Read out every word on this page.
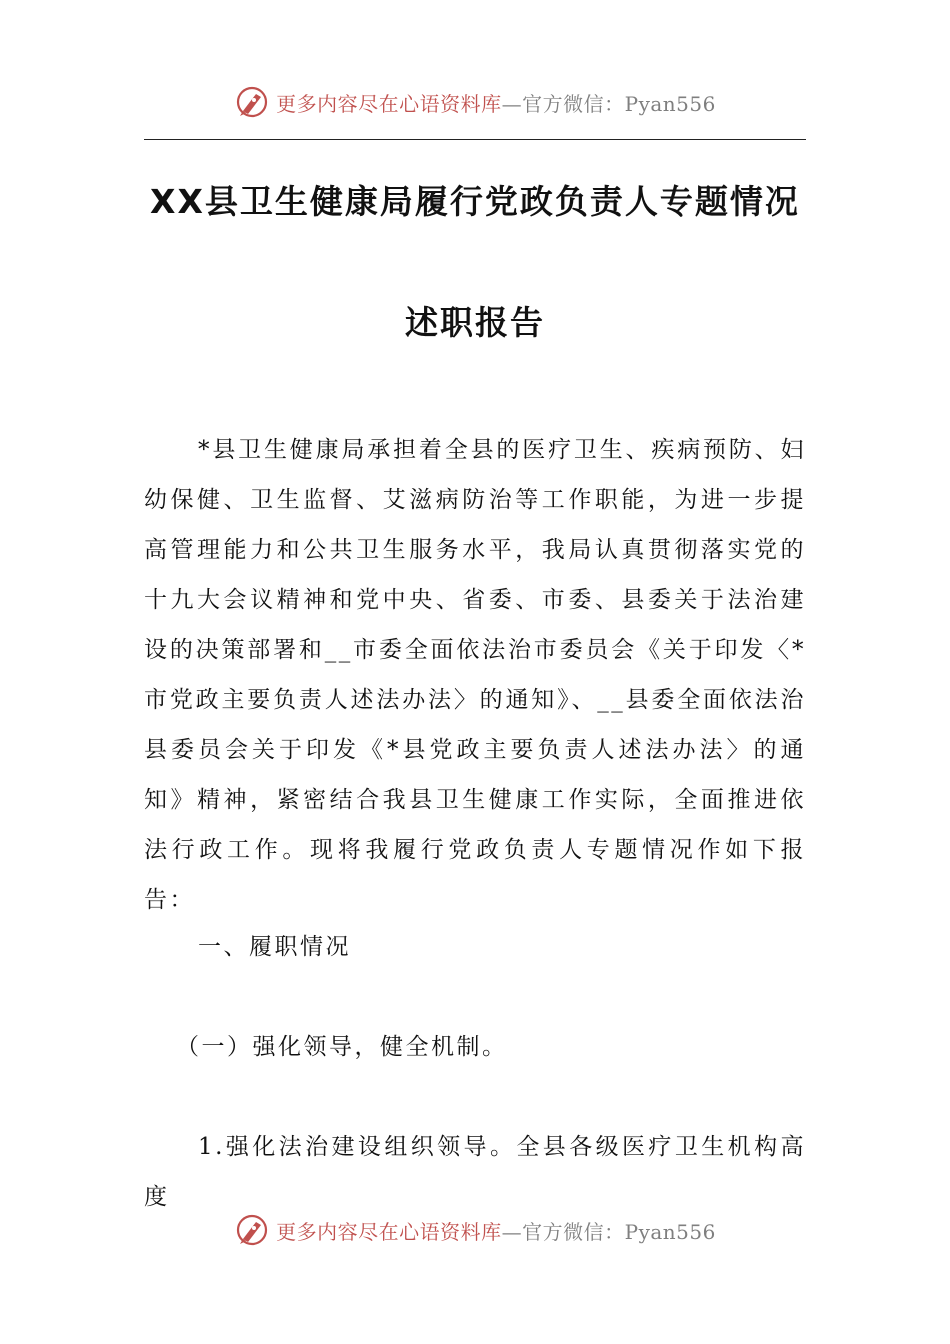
更多内容尽在心语资料库—官方微信：Pyan556
XX县卫生健康局履行党政负责人专题情况
述职报告

*县卫生健康局承担着全县的医疗卫生、疾病预防、妇幼保健、卫生监督、艾滋病防治等工作职能，为进一步提高管理能力和公共卫生服务水平，我局认真贯彻落实党的十九大会议精神和党中央、省委、市委、县委关于法治建设的决策部署和__市委全面依法治市委员会《关于印发〈*市党政主要负责人述法办法〉的通知》、__县委全面依法治县委员会关于印发《*县党政主要负责人述法办法〉的通知》精神，紧密结合我县卫生健康工作实际，全面推进依法行政工作。现将我履行党政负责人专题情况作如下报告：

一、履职情况

（一）强化领导，健全机制。

1.强化法治建设组织领导。全县各级医疗卫生机构高度

更多内容尽在心语资料库—官方微信：Pyan556
